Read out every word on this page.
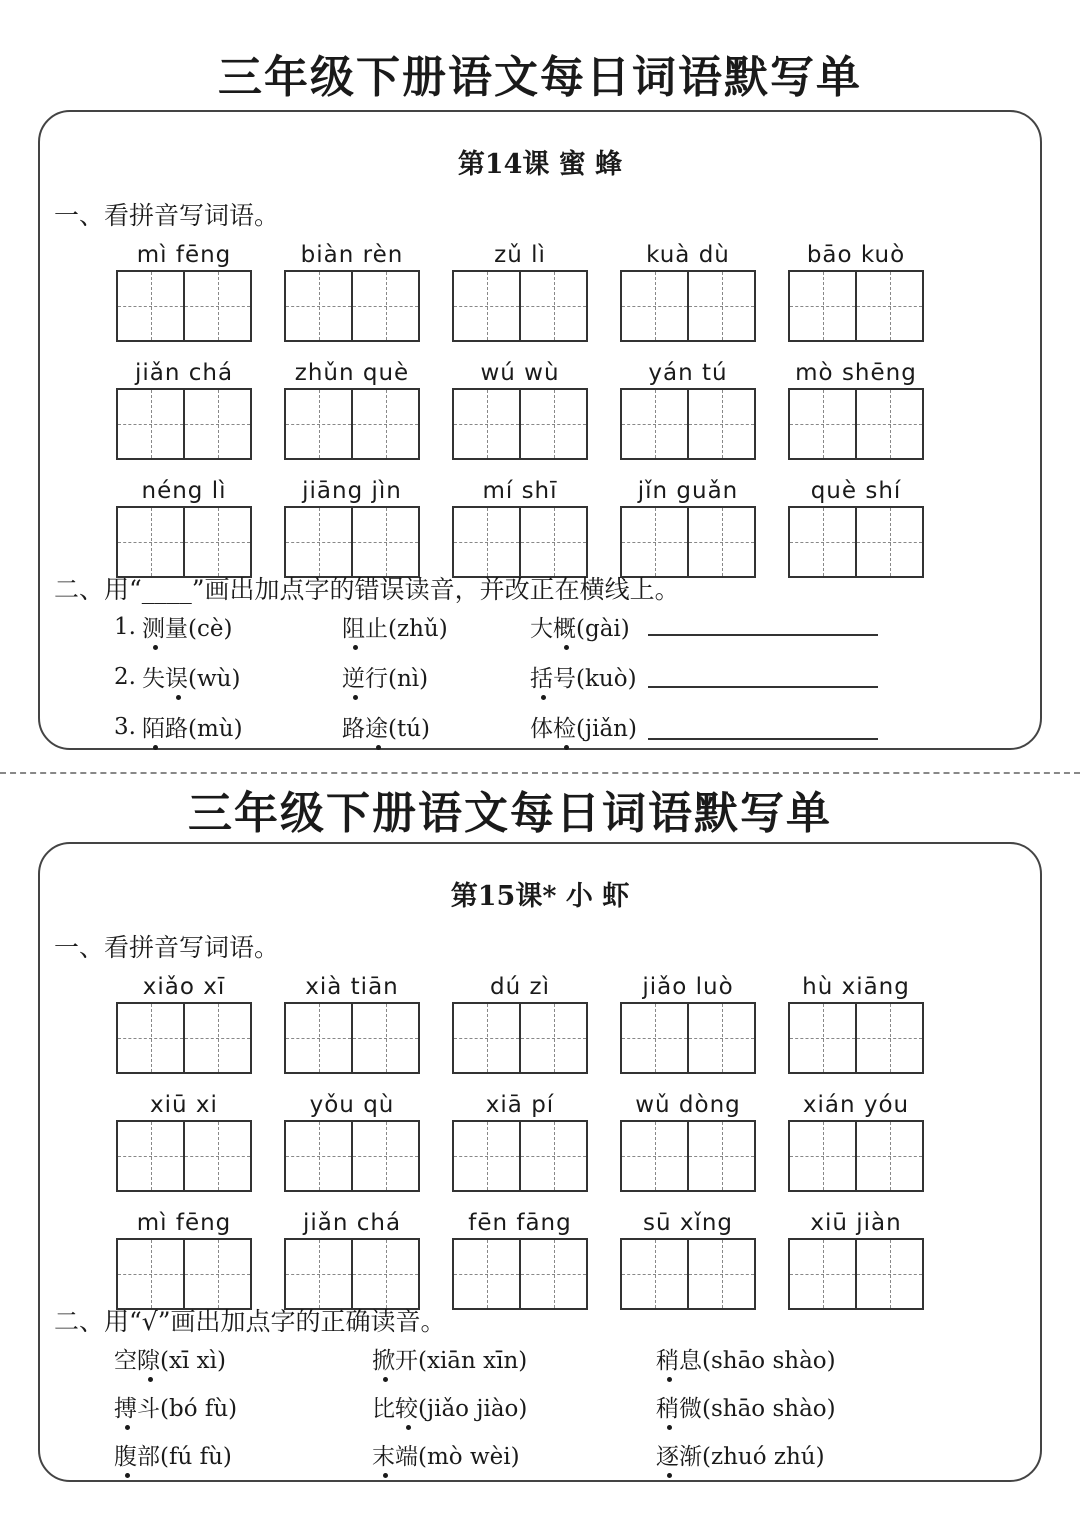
三年级下册语文每日词语默写单
第14课 蜜 蜂
一、看拼音写词语。
mì fēng	biàn rèn	zǔ lì	kuà dù	bāo kuò
jiǎn chá	zhǔn què	wú wù	yán tú	mò shēng
néng lì	jiāng jìn	mí shī	jǐn guǎn	què shí
二、用“____”画出加点字的错误读音，并改正在横线上。
1. 测量(cè)	阻止(zhǔ)	大概(gài)
2. 失误(wù)	逆行(nì)	括号(kuò)
3. 陌路(mù)	路途(tú)	体检(jiǎn)
三年级下册语文每日词语默写单
第15课* 小 虾
一、看拼音写词语。
xiǎo xī	xià tiān	dú zì	jiǎo luò	hù xiāng
xiū xi	yǒu qù	xiā pí	wǔ dòng	xián yóu
mì fēng	jiǎn chá	fēn fāng	sū xǐng	xiū jiàn
二、用“√”画出加点字的正确读音。
空隙(xī xì)	掀开(xiān xīn)	稍息(shāo shào)
搏斗(bó fù)	比较(jiǎo jiào)	稍微(shāo shào)
腹部(fú fù)	末端(mò wèi)	逐渐(zhuó zhú)
